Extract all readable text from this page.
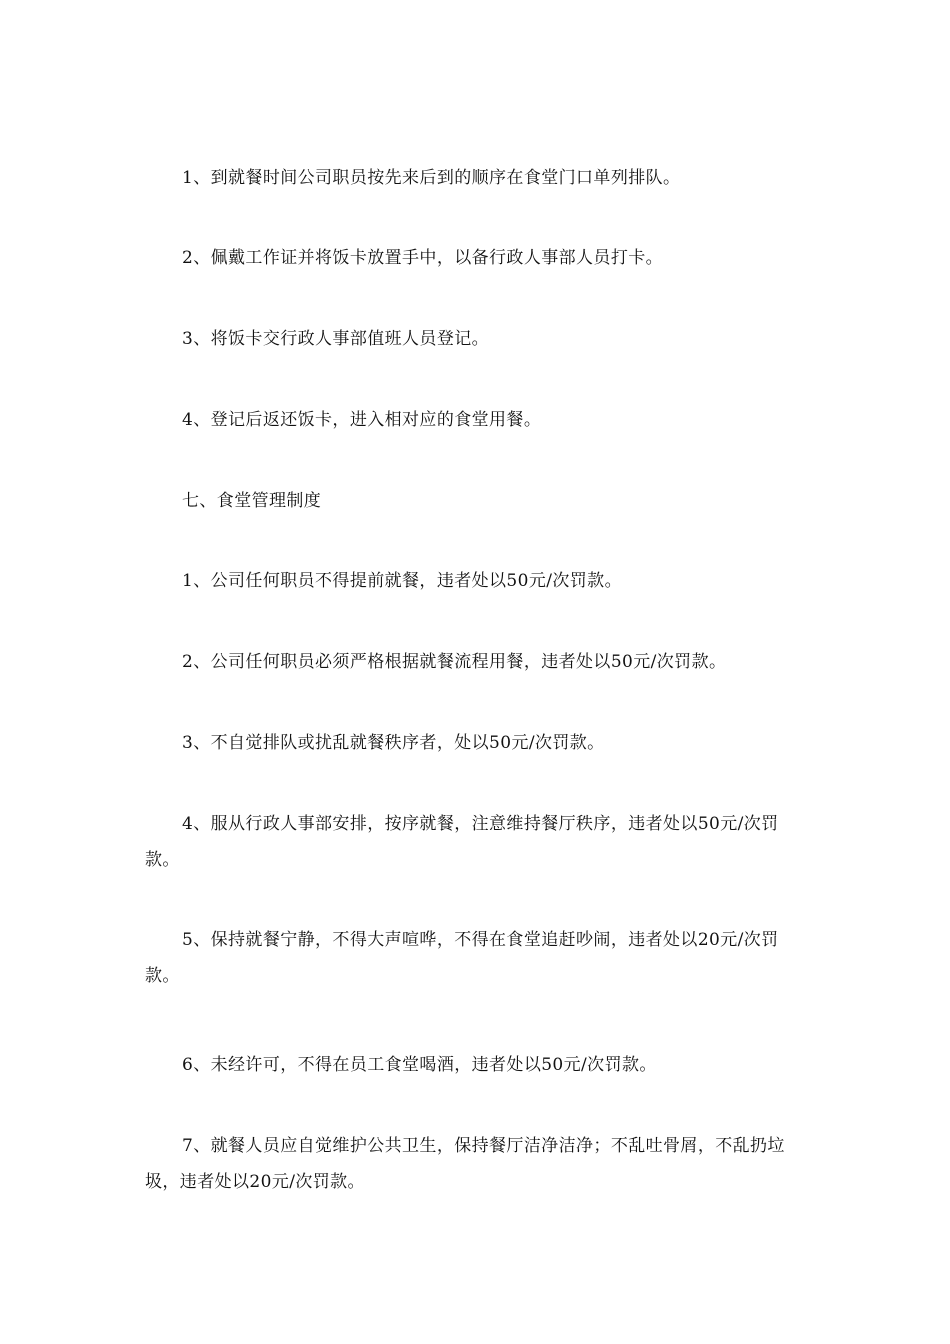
1、到就餐时间公司职员按先来后到的顺序在食堂门口单列排队。

2、佩戴工作证并将饭卡放置手中，以备行政人事部人员打卡。

3、将饭卡交行政人事部值班人员登记。

4、登记后返还饭卡，进入相对应的食堂用餐。

七、食堂管理制度

1、公司任何职员不得提前就餐，违者处以50元/次罚款。

2、公司任何职员必须严格根据就餐流程用餐，违者处以50元/次罚款。

3、不自觉排队或扰乱就餐秩序者，处以50元/次罚款。

4、服从行政人事部安排，按序就餐，注意维持餐厅秩序，违者处以50元/次罚款。

5、保持就餐宁静，不得大声喧哗，不得在食堂追赶吵闹，违者处以20元/次罚款。

6、未经许可，不得在员工食堂喝酒，违者处以50元/次罚款。

7、就餐人员应自觉维护公共卫生，保持餐厅洁净洁净；不乱吐骨屑，不乱扔垃圾，违者处以20元/次罚款。
